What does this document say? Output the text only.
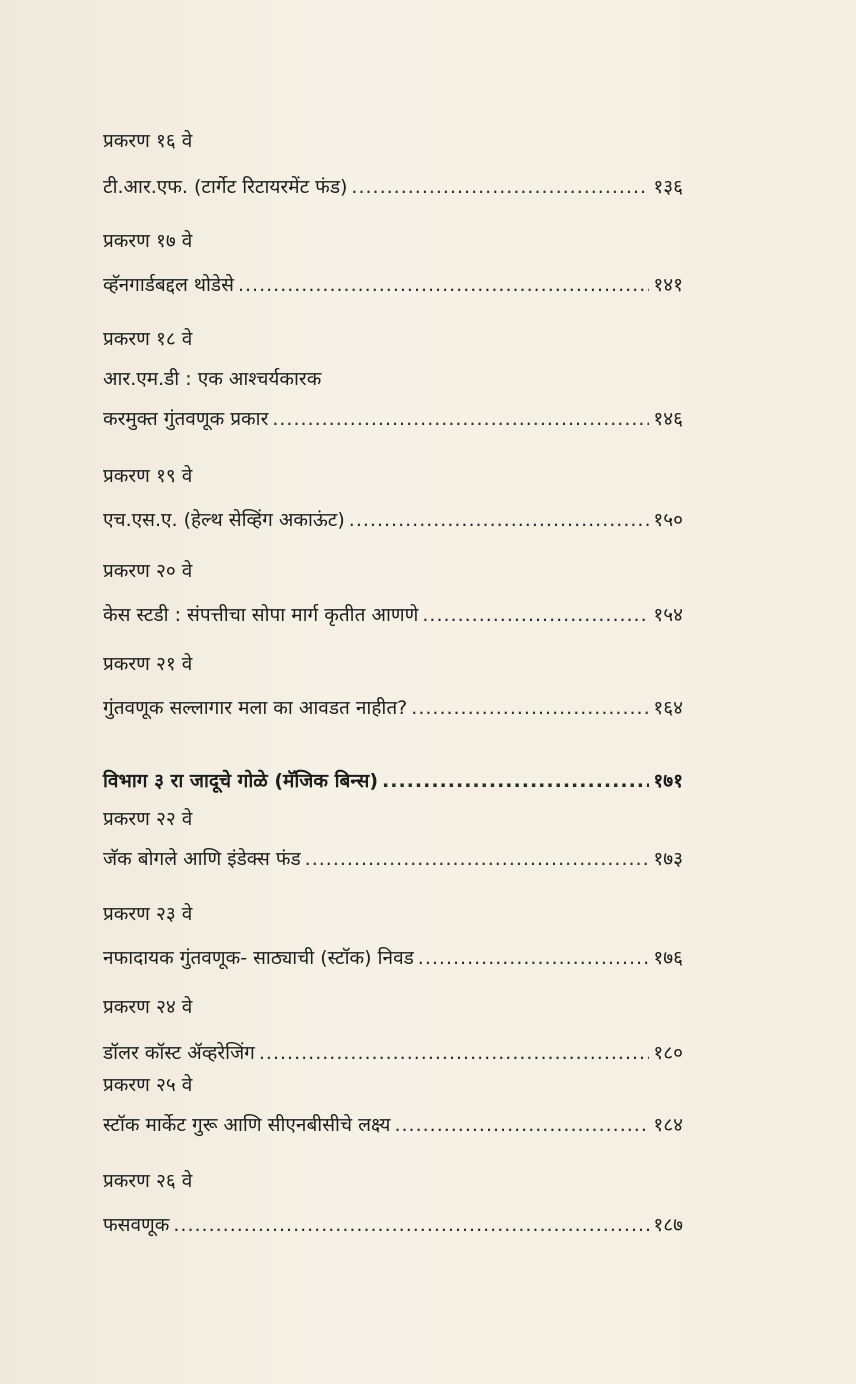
प्रकरण १६ वे
टी.आर.एफ. (टार्गेट रिटायरमेंट फंड) .....	१३६
प्रकरण १७ वे
व्हॅनगार्डबद्दल थोडेसे .....	१४१
प्रकरण १८ वे
आर.एम.डी : एक आश्चर्यकारक
करमुक्त गुंतवणूक प्रकार .....	१४६
प्रकरण १९ वे
एच.एस.ए. (हेल्थ सेव्हिंग अकाऊंट) .....	१५०
प्रकरण २० वे
केस स्टडी : संपत्तीचा सोपा मार्ग कृतीत आणणे .....	१५४
प्रकरण २१ वे
गुंतवणूक सल्लागार मला का आवडत नाहीत? .....	१६४
विभाग ३ रा जादूचे गोळे (मॅजिक बिन्स) .....	१७१
प्रकरण २२ वे
जॅक बोगले आणि इंडेक्स फंड .....	१७३
प्रकरण २३ वे
नफादायक गुंतवणूक- साठ्याची (स्टॉक) निवड .....	१७६
प्रकरण २४ वे
डॉलर कॉस्ट ॲव्हरेजिंग .....	१८०
प्रकरण २५ वे
स्टॉक मार्केट गुरू आणि सीएनबीसीचे लक्ष्य .....	१८४
प्रकरण २६ वे
फसवणूक .....	१८७
